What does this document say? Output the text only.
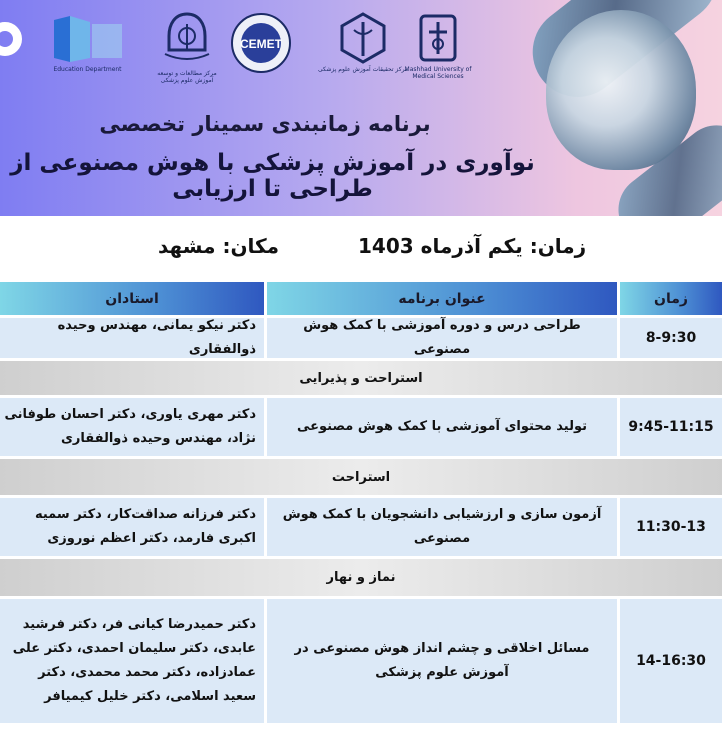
Education Department
مرکز مطالعات و توسعه آموزش علوم پزشکی
CEMET
مرکز تحقیقات آموزش علوم پزشکی
Mashhad University of Medical Sciences
برنامه زمانبندی سمینار تخصصی
نوآوری در آموزش پزشکی با هوش مصنوعی از طراحی تا ارزیابی
زمان: یکم آذرماه 1403
مکان: مشهد
زمان
عنوان برنامه
استادان
8-9:30
طراحی درس و دوره آموزشی با کمک هوش مصنوعی
دکتر نیکو یمانی، مهندس وحیده ذوالفقاری
استراحت و پذیرایی
9:45-11:15
تولید محتوای آموزشی با کمک هوش مصنوعی
دکتر مهری یاوری، دکتر احسان طوفانی نژاد، مهندس وحیده ذوالفقاری
استراحت
11:30-13
آزمون سازی و ارزشیابی دانشجویان با کمک هوش مصنوعی
دکتر فرزانه صداقت‌کار، دکتر سمیه اکبری فارمد، دکتر اعظم نوروزی
نماز و نهار
14-16:30
مسائل اخلاقی و چشم انداز هوش مصنوعی در آموزش علوم پزشکی
دکتر حمیدرضا کیانی فر، دکتر فرشید عابدی، دکتر سلیمان احمدی، دکتر علی عمادزاده، دکتر محمد محمدی، دکتر سعید اسلامی، دکتر خلیل کیمیافر
